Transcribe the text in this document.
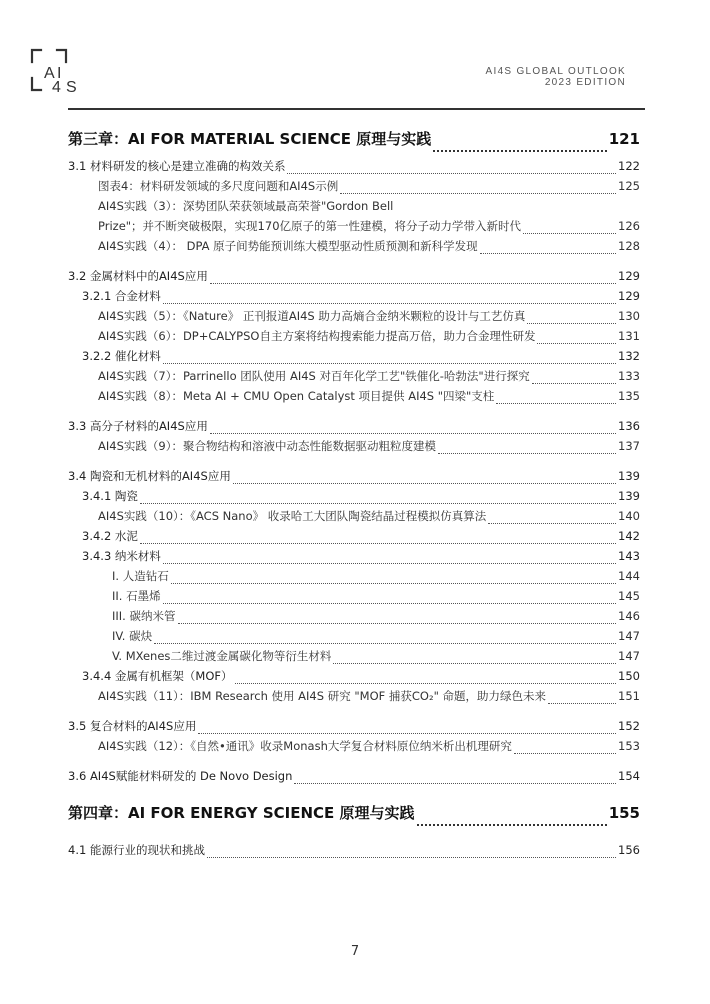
A I
4 S
AI4S GLOBAL OUTLOOK
2023 EDITION
第三章：AI FOR MATERIAL SCIENCE 原理与实践	121
3.1 材料研发的核心是建立准确的构效关系	122
图表4：材料研发领域的多尺度问题和AI4S示例	125
AI4S实践（3）：深势团队荣获领域最高荣誉"Gordon Bell
Prize"；并不断突破极限，实现170亿原子的第一性建模，将分子动力学带入新时代	126
AI4S实践（4）： DPA 原子间势能预训练大模型驱动性质预测和新科学发现	128
3.2 金属材料中的AI4S应用	129
3.2.1 合金材料	129
AI4S实践（5）：《Nature》 正刊报道AI4S 助力高熵合金纳米颗粒的设计与工艺仿真	130
AI4S实践（6）：DP+CALYPSO自主方案将结构搜索能力提高万倍，助力合金理性研发	131
3.2.2 催化材料	132
AI4S实践（7）：Parrinello 团队使用 AI4S 对百年化学工艺"铁催化-哈勃法"进行探究	133
AI4S实践（8）：Meta AI + CMU Open Catalyst 项目提供 AI4S "四梁"支柱	135
3.3 高分子材料的AI4S应用	136
AI4S实践（9）：聚合物结构和溶液中动态性能数据驱动粗粒度建模	137
3.4 陶瓷和无机材料的AI4S应用	139
3.4.1 陶瓷	139
AI4S实践（10）：《ACS Nano》 收录哈工大团队陶瓷结晶过程模拟仿真算法	140
3.4.2 水泥	142
3.4.3 纳米材料	143
I. 人造钻石	144
II. 石墨烯	145
III. 碳纳米管	146
IV. 碳炔	147
V. MXenes二维过渡金属碳化物等衍生材料	147
3.4.4 金属有机框架（MOF）	150
AI4S实践（11）：IBM Research 使用 AI4S 研究 "MOF 捕获CO₂" 命题，助力绿色未来	151
3.5 复合材料的AI4S应用	152
AI4S实践（12）：《自然•通讯》收录Monash大学复合材料原位纳米析出机理研究	153
3.6 AI4S赋能材料研发的 De Novo Design	154
第四章：AI FOR ENERGY SCIENCE 原理与实践	155
4.1 能源行业的现状和挑战	156
7
